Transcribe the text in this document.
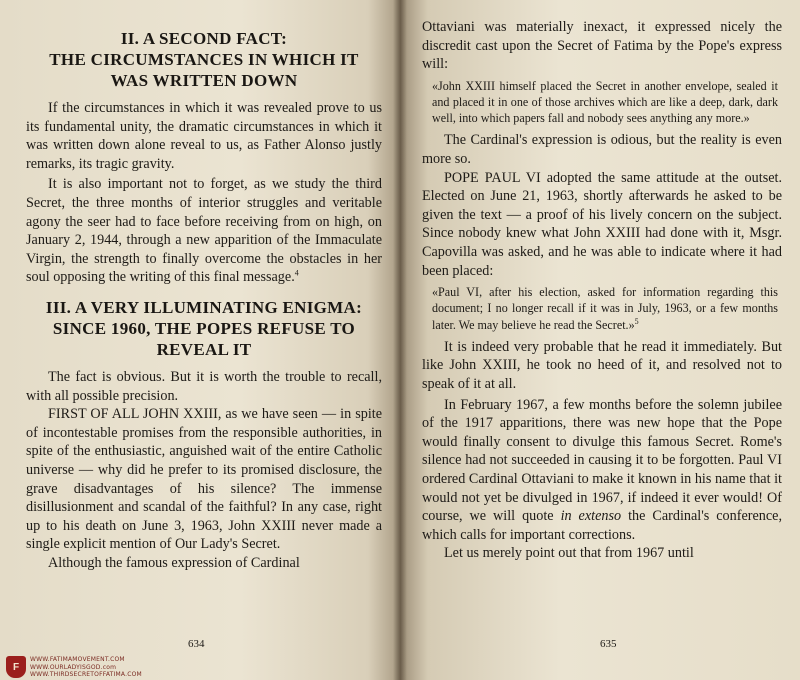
II. A SECOND FACT:
THE CIRCUMSTANCES IN WHICH IT
WAS WRITTEN DOWN

If the circumstances in which it was revealed prove to us its fundamental unity, the dramatic circumstances in which it was written down alone reveal to us, as Father Alonso justly remarks, its tragic gravity.

It is also important not to forget, as we study the third Secret, the three months of interior struggles and veritable agony the seer had to face before receiving from on high, on January 2, 1944, through a new apparition of the Immaculate Virgin, the strength to finally overcome the obstacles in her soul opposing the writing of this final message.$^4$

III. A VERY ILLUMINATING ENIGMA:
SINCE 1960, THE POPES REFUSE TO
REVEAL IT

The fact is obvious. But it is worth the trouble to recall, with all possible precision.

FIRST OF ALL JOHN XXIII, as we have seen — in spite of incontestable promises from the responsible authorities, in spite of the enthusiastic, anguished wait of the entire Catholic universe — why did he prefer to its promised disclosure, the grave disadvantages of his silence? The immense disillusionment and scandal of the faithful? In any case, right up to his death on June 3, 1963, John XXIII never made a single explicit mention of Our Lady's Secret.

Although the famous expression of Cardinal

634
F
WWW.FATIMAMOVEMENT.COM
WWW.OURLADYISGOD.com
WWW.THIRDSECRETOFFATIMA.COM

Ottaviani was materially inexact, it expressed nicely the discredit cast upon the Secret of Fatima by the Pope's express will:

«John XXIII himself placed the Secret in another envelope, sealed it and placed it in one of those archives which are like a deep, dark, dark well, into which papers fall and nobody sees anything any more.»

The Cardinal's expression is odious, but the reality is even more so.

POPE PAUL VI adopted the same attitude at the outset. Elected on June 21, 1963, shortly afterwards he asked to be given the text — a proof of his lively concern on the subject. Since nobody knew what John XXIII had done with it, Msgr. Capovilla was asked, and he was able to indicate where it had been placed:

«Paul VI, after his election, asked for information regarding this document; I no longer recall if it was in July, 1963, or a few months later. We may believe he read the Secret.»$^5$

It is indeed very probable that he read it immediately. But like John XXIII, he took no heed of it, and resolved not to speak of it at all.

In February 1967, a few months before the solemn jubilee of the 1917 apparitions, there was new hope that the Pope would finally consent to divulge this famous Secret. Rome's silence had not succeeded in causing it to be forgotten. Paul VI ordered Cardinal Ottaviani to make it known in his name that it would not yet be divulged in 1967, if indeed it ever would! Of course, we will quote in extenso the Cardinal's conference, which calls for important corrections.

Let us merely point out that from 1967 until

635
